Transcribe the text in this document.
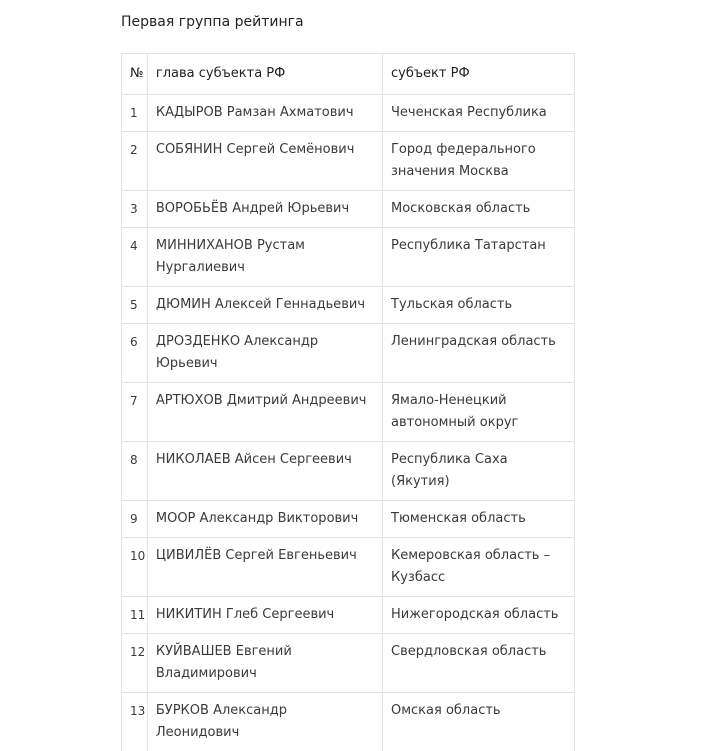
Первая группа рейтинга
№	глава субъекта РФ	субъект РФ
1	КАДЫРОВ Рамзан Ахматович	Чеченская Республика
2	СОБЯНИН Сергей Семёнович	Город федерального значения Москва
3	ВОРОБЬЁВ Андрей Юрьевич	Московская область
4	МИННИХАНОВ Рустам Нургалиевич	Республика Татарстан
5	ДЮМИН Алексей Геннадьевич	Тульская область
6	ДРОЗДЕНКО Александр Юрьевич	Ленинградская область
7	АРТЮХОВ Дмитрий Андреевич	Ямало-Ненецкий автономный округ
8	НИКОЛАЕВ Айсен Сергеевич	Республика Саха (Якутия)
9	МООР Александр Викторович	Тюменская область
10	ЦИВИЛЁВ Сергей Евгеньевич	Кемеровская область – Кузбасс
11	НИКИТИН Глеб Сергеевич	Нижегородская область
12	КУЙВАШЕВ Евгений Владимирович	Свердловская область
13	БУРКОВ Александр Леонидович	Омская область
